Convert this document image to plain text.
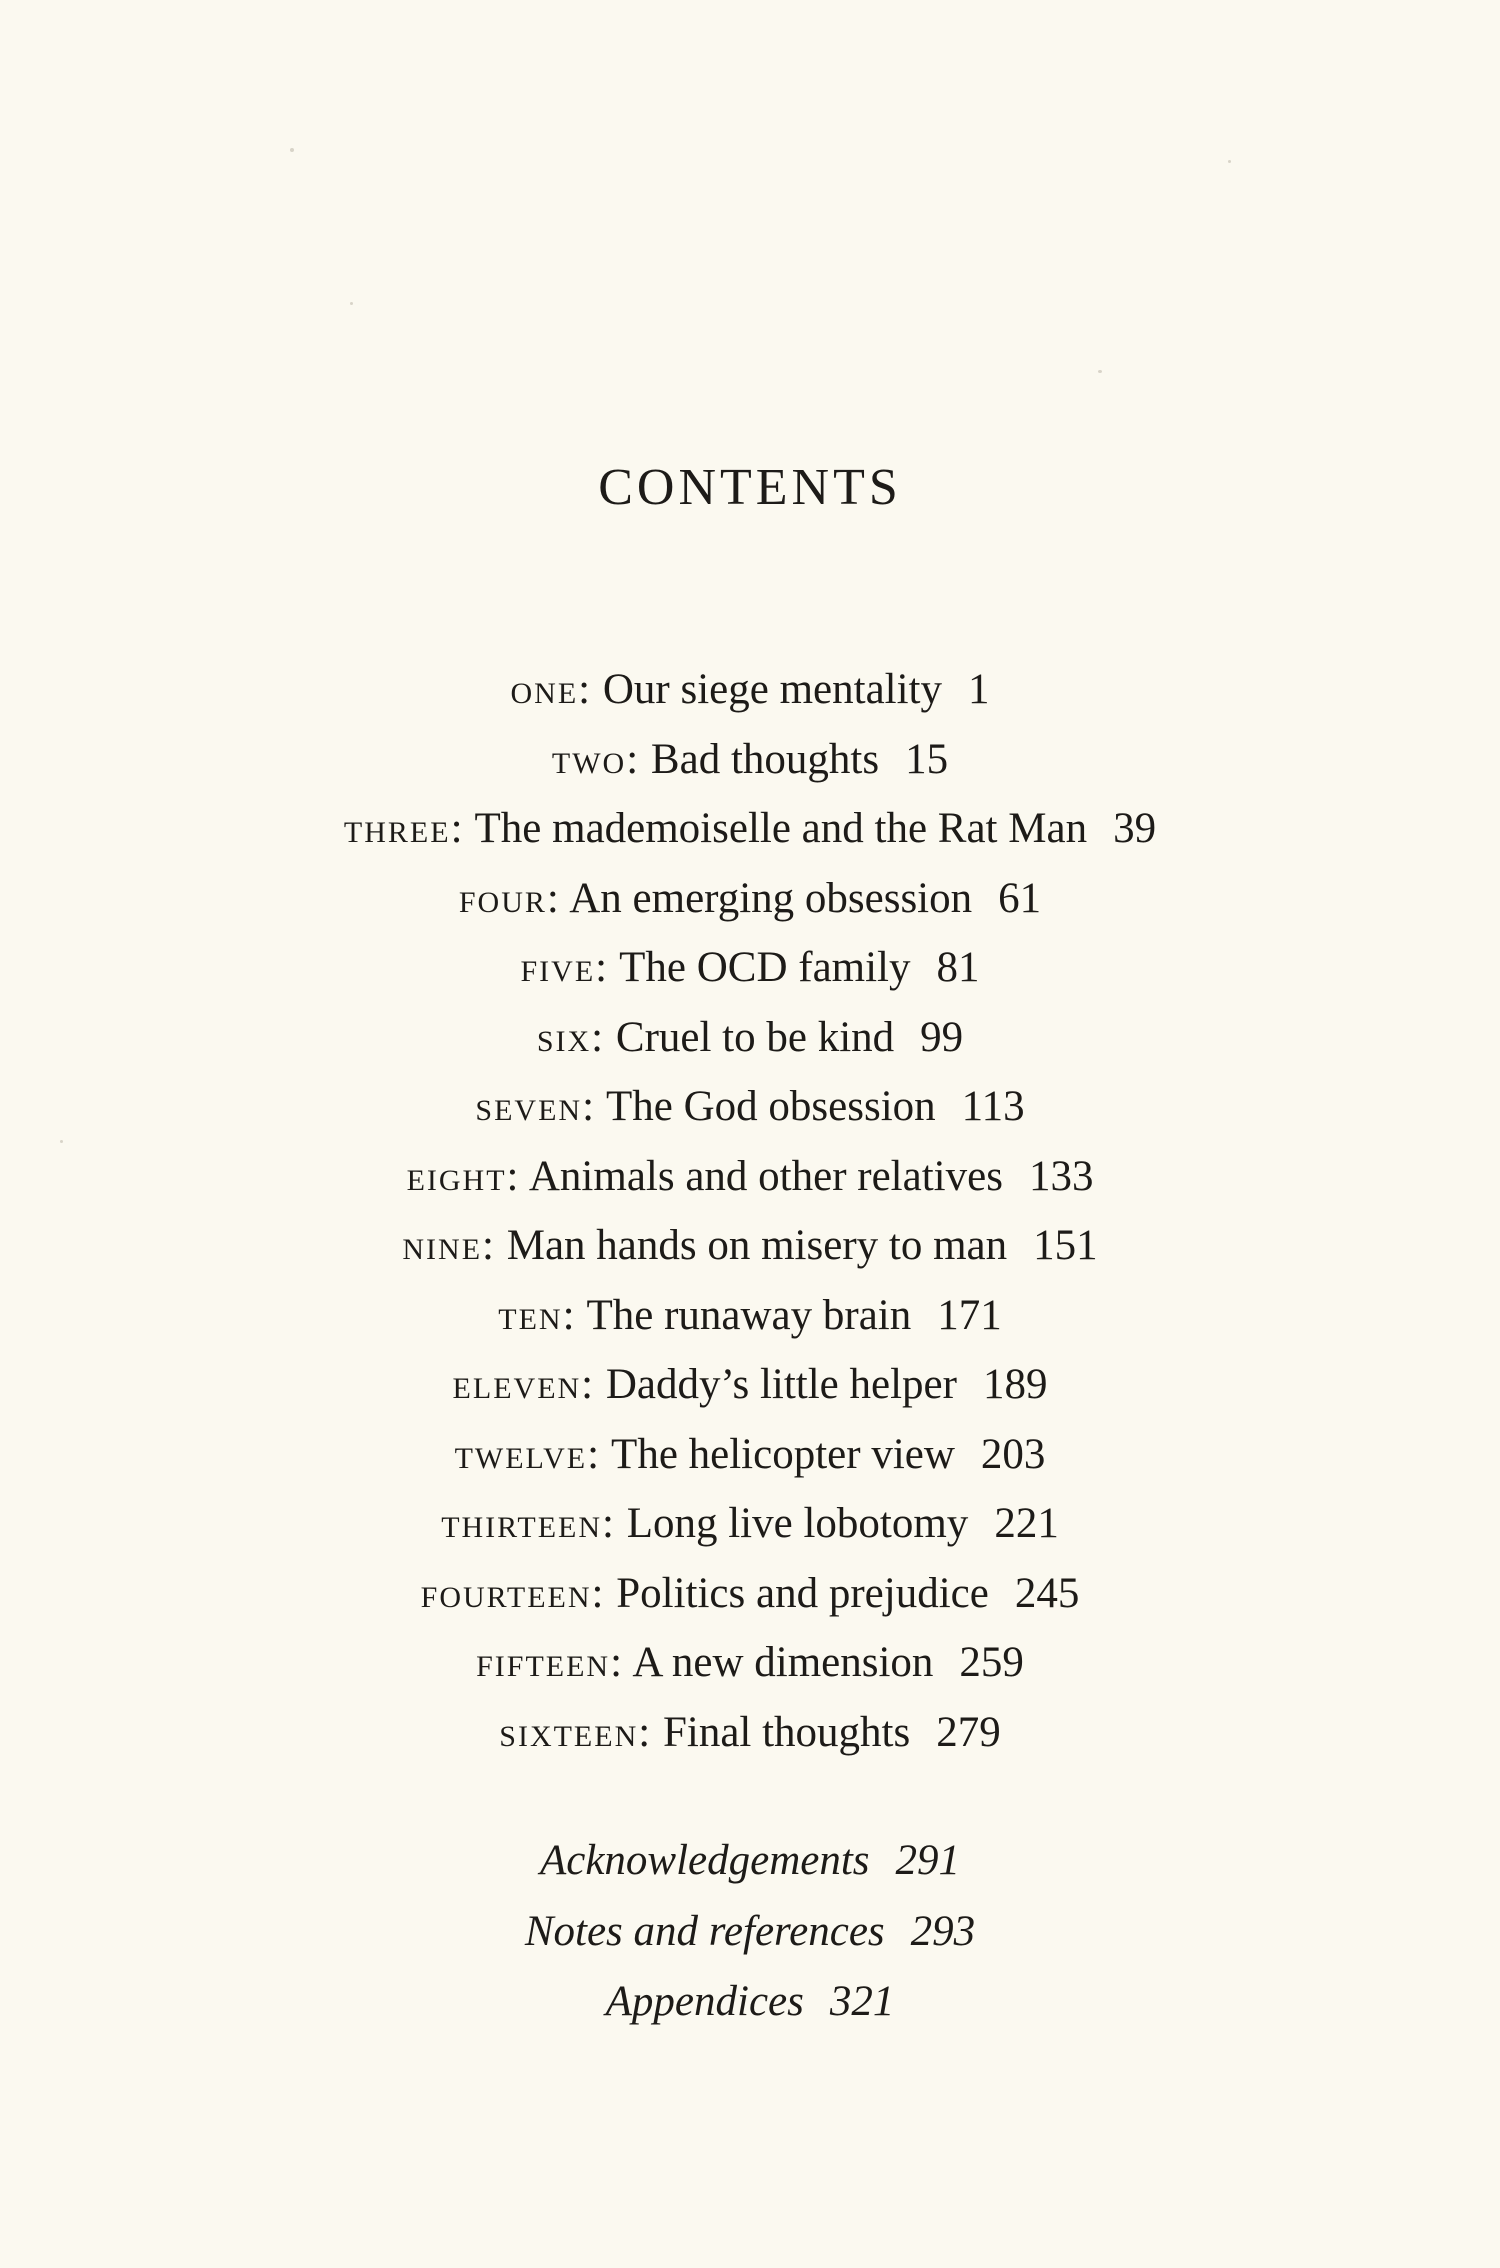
CONTENTS
one: Our siege mentality 1
two: Bad thoughts 15
three: The mademoiselle and the Rat Man 39
four: An emerging obsession 61
five: The OCD family 81
six: Cruel to be kind 99
seven: The God obsession 113
eight: Animals and other relatives 133
nine: Man hands on misery to man 151
ten: The runaway brain 171
eleven: Daddy’s little helper 189
twelve: The helicopter view 203
thirteen: Long live lobotomy 221
fourteen: Politics and prejudice 245
fifteen: A new dimension 259
sixteen: Final thoughts 279
Acknowledgements 291
Notes and references 293
Appendices 321
